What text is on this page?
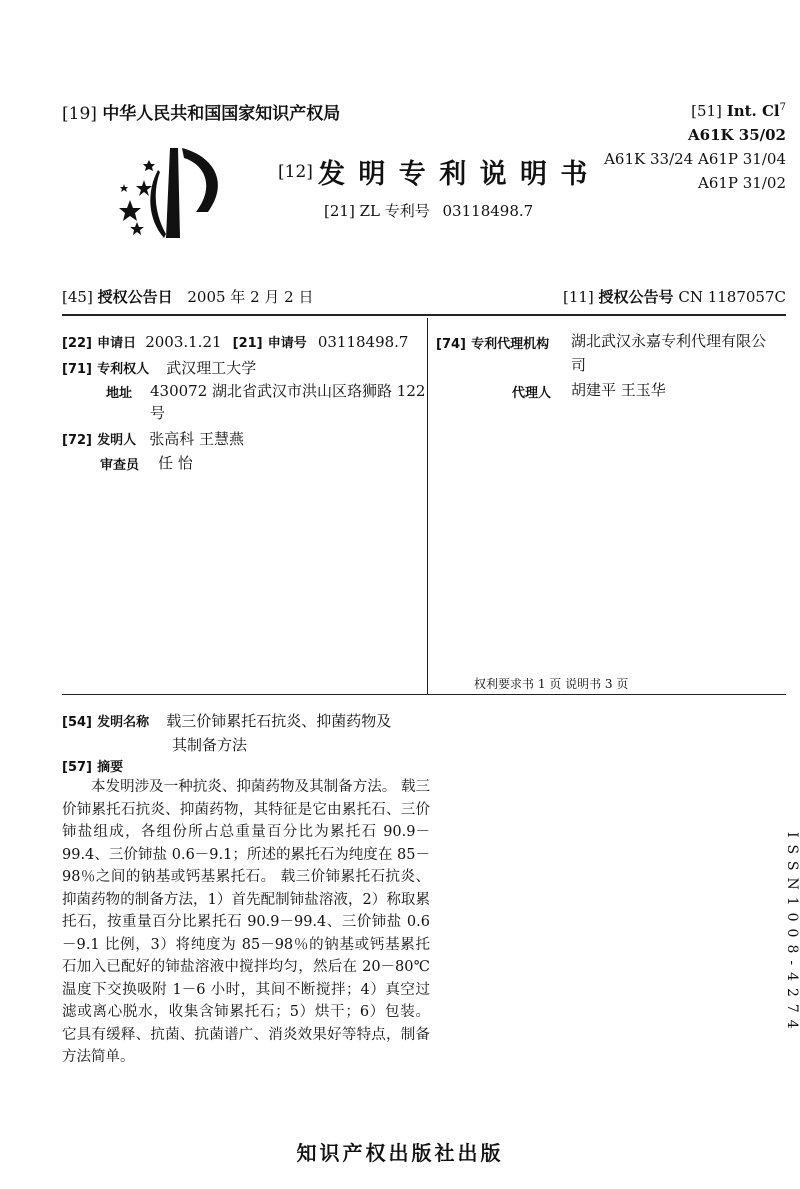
[19] 中华人民共和国国家知识产权局
[12] 发 明 专 利 说 明 书
[21] ZL 专利号 03118498.7
[51] Int. Cl$^7$
A61K 35/02
A61K 33/24 A61P 31/04
A61P 31/02
[45] 授权公告日 2005 年 2 月 2 日	[11] 授权公告号 CN 1187057C
[22] 申请日 2003.1.21 [21] 申请号 03118498.7
[71] 专利权人 武汉理工大学
地址 430072 湖北省武汉市洪山区珞狮路 122
号
[72] 发明人 张高科 王慧燕
审查员 任 怡
[74] 专利代理机构 湖北武汉永嘉专利代理有限公
司
代理人 胡建平 王玉华
权利要求书 1 页 说明书 3 页
[54] 发明名称 载三价铈累托石抗炎、抑菌药物及
其制备方法
[57] 摘要
本发明涉及一种抗炎、抑菌药物及其制备方法。 载三价铈累托石抗炎、抑菌药物，其特征是它由累托石、三价铈盐组成，各组份所占总重量百分比为累托石 90.9－99.4、三价铈盐 0.6－9.1；所述的累托石为纯度在 85－98％之间的钠基或钙基累托石。 载三价铈累托石抗炎、抑菌药物的制备方法，1）首先配制铈盐溶液，2）称取累托石，按重量百分比累托石 90.9－99.4、三价铈盐 0.6－9.1 比例，3）将纯度为 85－98％的钠基或钙基累托石加入已配好的铈盐溶液中搅拌均匀，然后在 20－80℃温度下交换吸附 1－6 小时，其间不断搅拌；4）真空过滤或离心脱水，收集含铈累托石；5）烘干；6）包装。 它具有缓释、抗菌、抗菌谱广、消炎效果好等特点，制备方法简单。
ISSN1008-4274
知识产权出版社出版
